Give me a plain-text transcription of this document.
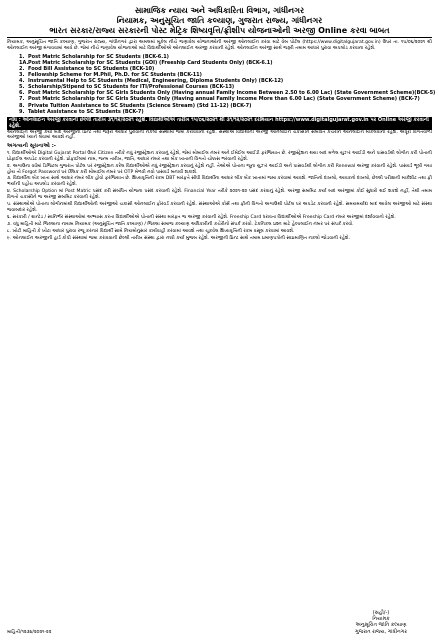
સામાજિક ન્યાય અને અધિકારિતા વિભાગ, ગાંધીનગર
નિયામક, અનુસૂચિત જાતિ કલ્યાણ, ગુજરાત રાજ્ય, ગાંધીનગર
ભારત સરકાર/રાજ્ય સરકારની પોસ્ટ મેટ્રિક શિષ્યવૃત્તિ/ફ્રીશીપ યોજનાઓની અરજી Online કરવા બાબત
નિયામક, અનુસૂચિત જાતિ કલ્યાણ, ગુજરાત રાજ્ય, ગાંધીનગર દ્વારા અમલમાં મૂકેલ નીચે જણાવેલ યોજનાઓની અરજી ઓનલાઈન કરવા માટે વેબ પોર્ટલ (https://www.digitalgujarat.gov.in) ઉપર તા. ૧૫/૦૬/૨૦૨૧ થી ઓનલાઈન અરજી મંગાવવામાં આવે છે. જેમાં નીચે જણાવેલ યોજનાઓ માટે વિદ્યાર્થીઓએ ઓનલાઈન અરજી કરવાની રહેશે. ઓનલાઈન અરજી સાથે જરૂરી તમામ આધાર પુરાવા અપલોડ કરવાના રહેશે.
1. Post Matric Scholarship for SC Students (BCK-6.1)
1A.Post Matric Scholarship for SC Students (GOI) (Freeship Card Students Only) (BCK-6.1)
2. Food Bill Assistance to SC Students (BCK-10)
3. Fellowship Scheme for M.Phil, Ph.D. for SC Students (BCK-11)
4. Instrumental Help to SC Students (Medical, Engineering, Diploma Students Only) (BCK-12)
5. Scholarship/Stipend to SC Students for ITI/Professional Courses (BCK-13)
6. Post Matric Scholarship for SC Girls Students Only (Having annual Family Income Between 2.50 to 6.00 Lac) (State Government Scheme)(BCK-5)
7. Post Matric Scholarship for SC Girls Students Only (Having annual Family Income More than 6.00 Lac) (State Government Scheme) (BCK-7)
8. Private Tuition Assistance to SC Students (Science Stream) (Std 11-12) (BCK-7)
9. Tablet Assistance to SC Students (BCK-7)
નોંધ : ઓનલાઈન અરજી કરવાની છેલ્લી તારીખ ૩૧/૧૨/૨૦૨૧ રહેશે. વિદ્યાર્થીઓએ તારીખ ૧૫/૦૬/૨૦૨૧ થી ૩૧/૧૨/૨૦૨૧ દરમિયાન https://www.digitalgujarat.gov.in પર Online અરજી કરવાની રહેશે.
ઓનલાઈન અરજી કર્યા બાદ અરજીની પ્રિન્ટ તથા જરૂરી આધાર પુરાવાની નકલો સંસ્થામાં જમા કરાવવાની રહેશે. સંસ્થાએ વિદ્યાર્થીની અરજી ઓનલાઈન ચકાસીને સંબંધિત કચેરીને ઓનલાઈન મોકલવાની રહેશે. અધૂરી વિગતવાળી અરજીઓ ધ્યાને લેવામાં આવશે નહીં.
અગત્યની સૂચનાઓ :-
૧. વિદ્યાર્થીઓએ Digital Gujarat Portal ઉપર Citizen તરીકે નવું રજીસ્ટ્રેશન કરવાનું રહેશે, જેમાં મોબાઈલ નંબર અને ઈમેઈલ આઈડી ફરજિયાત છે. રજીસ્ટ્રેશન થયા બાદ મળેલ યુઝર આઈડી અને પાસવર્ડથી લોગીન કરી પોતાની પ્રોફાઈલ અપડેટ કરવાની રહેશે. પ્રોફાઈલમાં નામ, જન્મ તારીખ, જાતિ, આધાર નંબર તથા બેંક ખાતાની વિગતો ચોક્કસ ભરવાની રહેશે.
૨. અગાઉના વર્ષમાં ડિજિટલ ગુજરાત પોર્ટલ પર રજીસ્ટ્રેશન કરેલ વિદ્યાર્થીઓએ નવું રજીસ્ટ્રેશન કરવાનું રહેશે નહીં. તેઓએ પોતાના જૂના યુઝર આઈડી અને પાસવર્ડથી લોગીન કરી Renewal અરજી કરવાની રહેશે. પાસવર્ડ ભૂલી ગયા હોય તો Forgot Password પર ક્લિક કરી મોબાઈલ નંબર પર OTP મેળવી નવો પાસવર્ડ બનાવી શકાશે.
૩. વિદ્યાર્થીના બેંક ખાતા સાથે આધાર નંબર લીંક હોવો ફરજિયાત છે. શિષ્યવૃત્તિની રકમ DBT મારફતે સીધી વિદ્યાર્થીના આધાર લીંક બેંક ખાતામાં જમા કરવામાં આવશે. જાતિનો દાખલો, આવકનો દાખલો, છેલ્લી પરીક્ષાની માર્કશીટ તથા ફી ભર્યાની પહોંચ અપલોડ કરવાની રહેશે.
૪. Scholarship Option માં Post Matric પસંદ કરી સંબંધિત યોજના પસંદ કરવાની રહેશે. Financial Year તરીકે ૨૦૨૧-૨૨ પસંદ કરવાનું રહેશે. અરજી સબમિટ કર્યા બાદ અરજીમાં કોઈ સુધારો થઈ શકશે નહીં, તેથી તમામ વિગતો ચકાસીને જ અરજી સબમિટ કરવાની રહેશે.
૫. સંસ્થાઓએ પોતાના લોગીનમાંથી વિદ્યાર્થીઓની અરજીઓ ચકાસી ઓનલાઈન ફોરવર્ડ કરવાની રહેશે. સંસ્થાઓએ કોર્સ તથા ફીની વિગતો અગાઉથી પોર્ટલ પર અપડેટ કરવાની રહેશે. સમયમર્યાદા બાદ આવેલ અરજીઓ માટે સંસ્થા જવાબદાર રહેશે.
૬. સરકારી / ગ્રાન્ટેડ / સ્વનિર્ભર સંસ્થાઓમાં અભ્યાસ કરતા વિદ્યાર્થીઓએ પોતાની સંસ્થા મારફત જ અરજી કરવાની રહેશે. Freeship Card ધરાવતા વિદ્યાર્થીઓએ Freeship Card નંબર અરજીમાં દર્શાવવાનો રહેશે.
૭. વધુ માહિતી માટે જિલ્લાના નાયબ નિયામક (અનુસૂચિત જાતિ કલ્યાણ) / જિલ્લા સમાજ કલ્યાણ અધિકારીની કચેરીનો સંપર્ક કરવો. ટેકનિકલ પ્રશ્ન માટે હેલ્પલાઈન નંબર પર સંપર્ક કરવો.
૮. ખોટી માહિતી કે ખોટા આધાર પુરાવા રજૂ કરનાર વિદ્યાર્થી સામે નિયમોનુસાર કાર્યવાહી કરવામાં આવશે તથા ચૂકવેલ શિષ્યવૃત્તિની રકમ વસૂલ કરવામાં આવશે.
૯. ઓનલાઈન અરજીની હાર્ડ કોપી સંસ્થામાં જમા કરાવવાની છેલ્લી તારીખ સંસ્થા દ્વારા નક્કી કર્યા મુજબ રહેશે. અરજીની પ્રિન્ટ સાથે તમામ પ્રમાણપત્રોની સ્વપ્રમાણિત નકલો જોડવાની રહેશે.
(સહી/-)
નિયામક
અનુસૂચિત જાતિ કલ્યાણ
ગુજરાત રાજ્ય, ગાંધીનગર
માહિતી/૧૨૩૪/૨૦૨૧-૨૨
